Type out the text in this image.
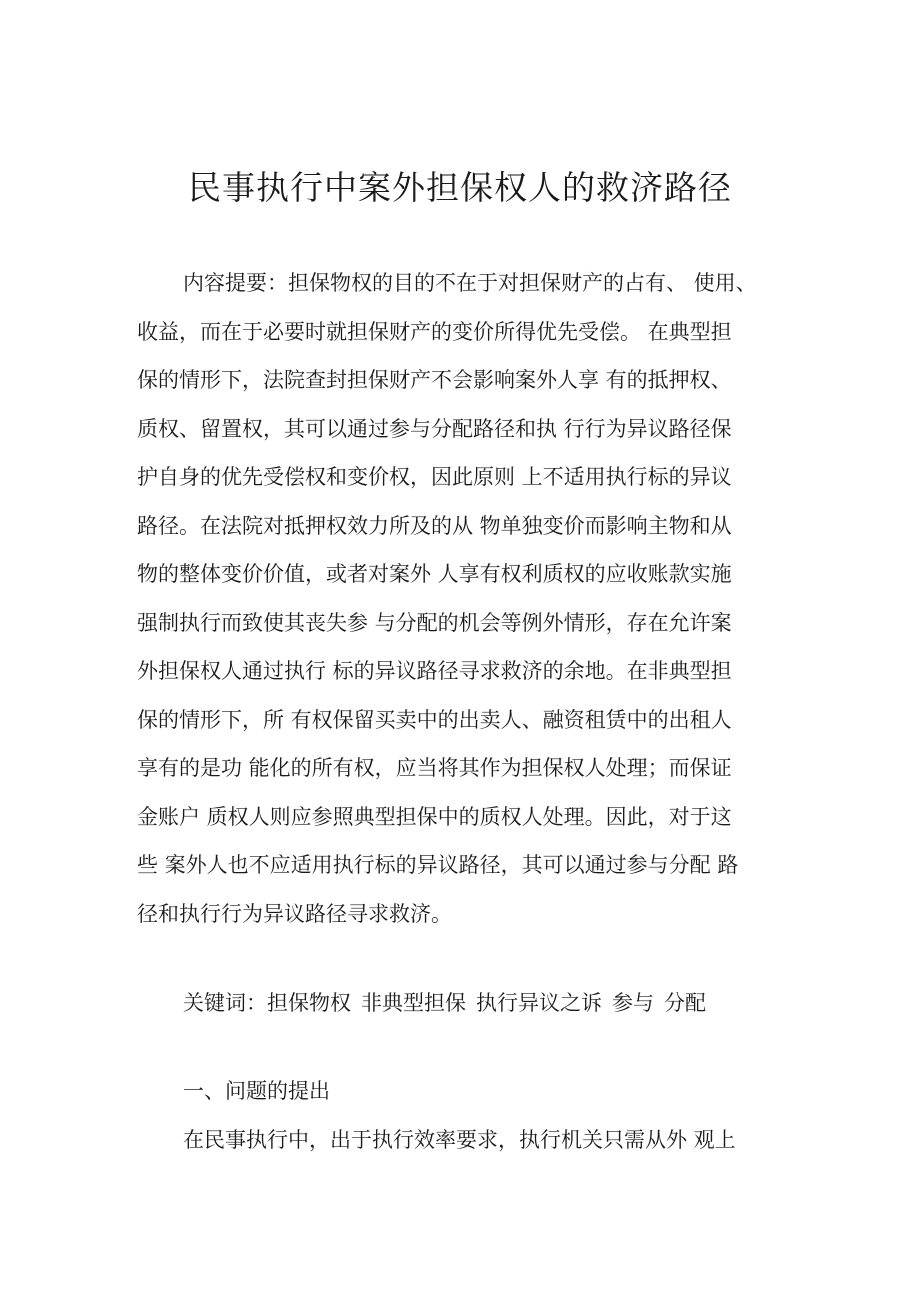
民事执行中案外担保权人的救济路径
内容提要：担保物权的目的不在于对担保财产的占有、 使用、
收益，而在于必要时就担保财产的变价所得优先受偿。 在典型担
保的情形下，法院查封担保财产不会影响案外人享 有的抵押权、
质权、留置权，其可以通过参与分配路径和执 行行为异议路径保
护自身的优先受偿权和变价权，因此原则 上不适用执行标的异议
路径。在法院对抵押权效力所及的从 物单独变价而影响主物和从
物的整体变价价值，或者对案外 人享有权利质权的应收账款实施
强制执行而致使其丧失参 与分配的机会等例外情形，存在允许案
外担保权人通过执行 标的异议路径寻求救济的余地。在非典型担
保的情形下，所 有权保留买卖中的出卖人、融资租赁中的出租人
享有的是功 能化的所有权，应当将其作为担保权人处理；而保证
金账户 质权人则应参照典型担保中的质权人处理。因此，对于这
些 案外人也不应适用执行标的异议路径，其可以通过参与分配 路
径和执行行为异议路径寻求救济。
关键词：担保物权 非典型担保 执行异议之诉 参与 分配
一、问题的提出

在民事执行中，出于执行效率要求，执行机关只需从外 观上
